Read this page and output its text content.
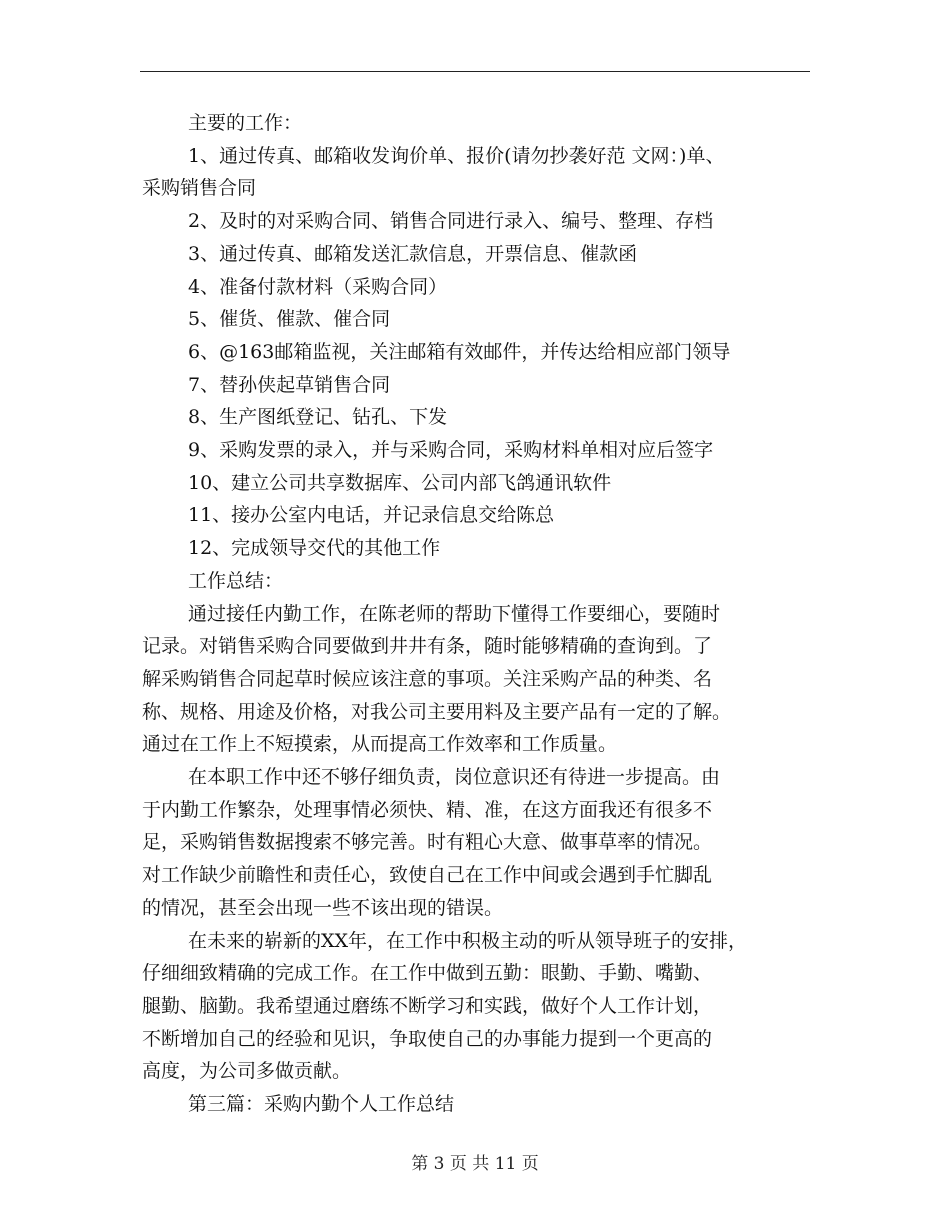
主要的工作：

1、通过传真、邮箱收发询价单、报价(请勿抄袭好范 文网：)单、

采购销售合同

2、及时的对采购合同、销售合同进行录入、编号、整理、存档

3、通过传真、邮箱发送汇款信息，开票信息、催款函

4、准备付款材料（采购合同）

5、催货、催款、催合同

6、@163邮箱监视，关注邮箱有效邮件，并传达给相应部门领导

7、替孙侠起草销售合同

8、生产图纸登记、钻孔、下发

9、采购发票的录入，并与采购合同，采购材料单相对应后签字

10、建立公司共享数据库、公司内部飞鸽通讯软件

11、接办公室内电话，并记录信息交给陈总

12、完成领导交代的其他工作

工作总结：

通过接任内勤工作，在陈老师的帮助下懂得工作要细心，要随时

记录。对销售采购合同要做到井井有条，随时能够精确的查询到。了

解采购销售合同起草时候应该注意的事项。关注采购产品的种类、名

称、规格、用途及价格，对我公司主要用料及主要产品有一定的了解。

通过在工作上不短摸索，从而提高工作效率和工作质量。

在本职工作中还不够仔细负责，岗位意识还有待进一步提高。由

于内勤工作繁杂，处理事情必须快、精、准，在这方面我还有很多不

足，采购销售数据搜索不够完善。时有粗心大意、做事草率的情况。

对工作缺少前瞻性和责任心，致使自己在工作中间或会遇到手忙脚乱

的情况，甚至会出现一些不该出现的错误。

在未来的崭新的XX年，在工作中积极主动的听从领导班子的安排，

仔细细致精确的完成工作。在工作中做到五勤：眼勤、手勤、嘴勤、

腿勤、脑勤。我希望通过磨练不断学习和实践，做好个人工作计划，

不断增加自己的经验和见识，争取使自己的办事能力提到一个更高的

高度，为公司多做贡献。

第三篇：采购内勤个人工作总结

第 3 页 共 11 页
